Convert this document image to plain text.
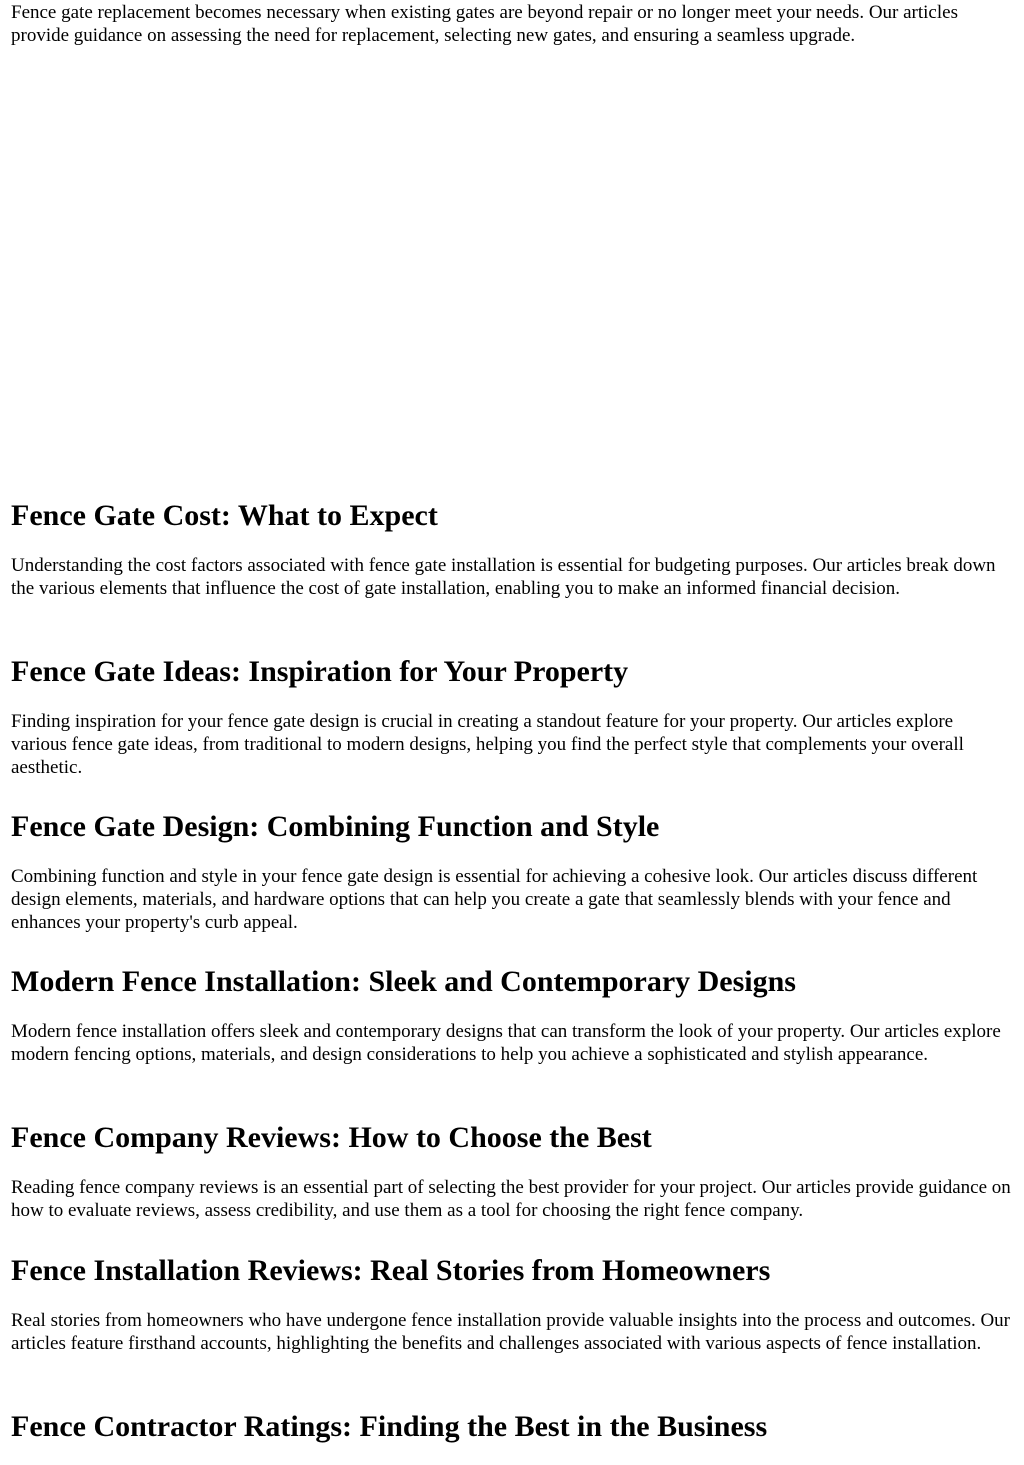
Fence gate replacement becomes necessary when existing gates are beyond repair or no longer meet your needs. Our articles provide guidance on assessing the need for replacement, selecting new gates, and ensuring a seamless upgrade.

Fence Gate Cost: What to Expect

Understanding the cost factors associated with fence gate installation is essential for budgeting purposes. Our articles break down the various elements that influence the cost of gate installation, enabling you to make an informed financial decision.

Fence Gate Ideas: Inspiration for Your Property

Finding inspiration for your fence gate design is crucial in creating a standout feature for your property. Our articles explore various fence gate ideas, from traditional to modern designs, helping you find the perfect style that complements your overall aesthetic.

Fence Gate Design: Combining Function and Style

Combining function and style in your fence gate design is essential for achieving a cohesive look. Our articles discuss different design elements, materials, and hardware options that can help you create a gate that seamlessly blends with your fence and enhances your property's curb appeal.

Modern Fence Installation: Sleek and Contemporary Designs

Modern fence installation offers sleek and contemporary designs that can transform the look of your property. Our articles explore modern fencing options, materials, and design considerations to help you achieve a sophisticated and stylish appearance.

Fence Company Reviews: How to Choose the Best

Reading fence company reviews is an essential part of selecting the best provider for your project. Our articles provide guidance on how to evaluate reviews, assess credibility, and use them as a tool for choosing the right fence company.

Fence Installation Reviews: Real Stories from Homeowners

Real stories from homeowners who have undergone fence installation provide valuable insights into the process and outcomes. Our articles feature firsthand accounts, highlighting the benefits and challenges associated with various aspects of fence installation.

Fence Contractor Ratings: Finding the Best in the Business
